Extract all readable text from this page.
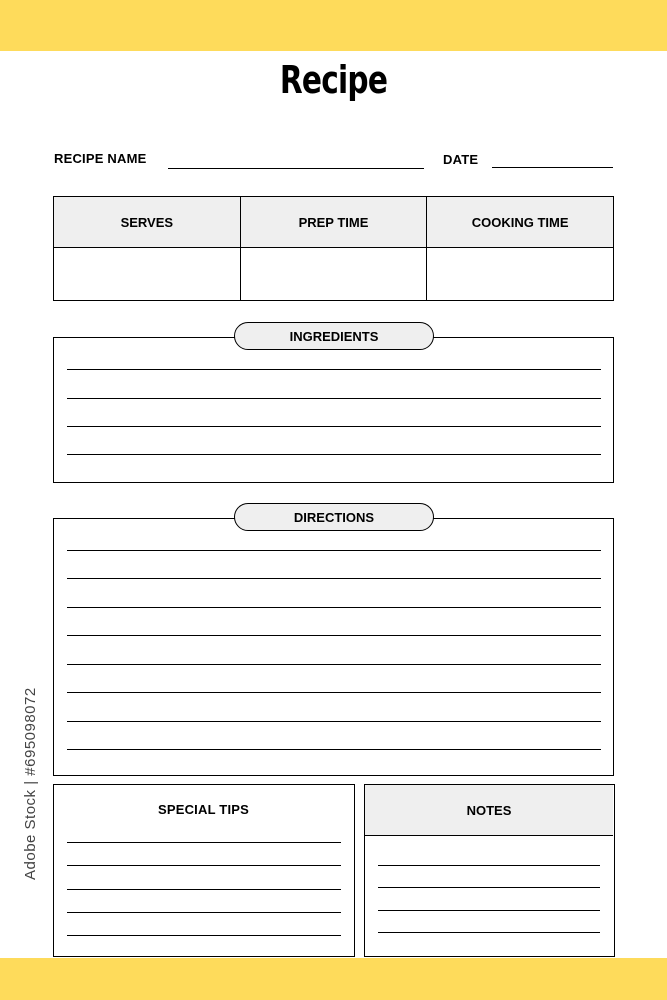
Recipe
RECIPE NAME	DATE
SERVES	PREP TIME	COOKING TIME

INGREDIENTS
DIRECTIONS
SPECIAL TIPS	NOTES
Adobe Stock | #695098072
